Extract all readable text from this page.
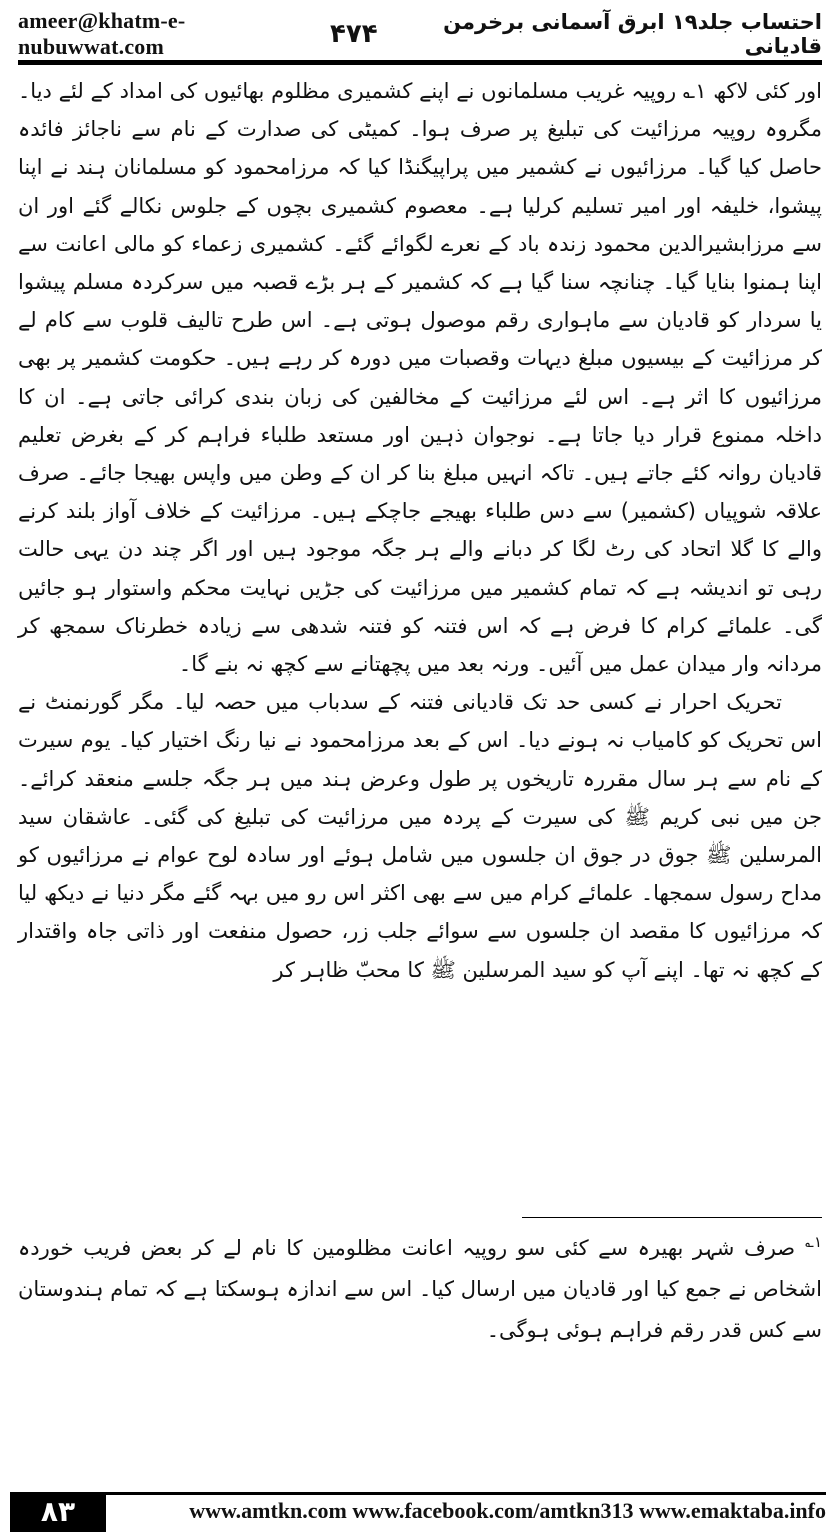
ameer@khatm-e-nubuwwat.com	۴۷۴	احتساب جلد۱۹ ابرق آسمانی برخرمن قادیانی

اور کئی لاکھ ۱؎ روپیہ غریب مسلمانوں نے اپنے کشمیری مظلوم بھائیوں کی امداد کے لئے دیا۔ مگروہ روپیہ مرزائیت کی تبلیغ پر صرف ہوا۔ کمیٹی کی صدارت کے نام سے ناجائز فائدہ حاصل کیا گیا۔ مرزائیوں نے کشمیر میں پراپیگنڈا کیا کہ مرزامحمود کو مسلمانان ہند نے اپنا پیشوا، خلیفہ اور امیر تسلیم کرلیا ہے۔ معصوم کشمیری بچوں کے جلوس نکالے گئے اور ان سے مرزابشیرالدین محمود زندہ باد کے نعرے لگوائے گئے۔ کشمیری زعماء کو مالی اعانت سے اپنا ہمنوا بنایا گیا۔ چنانچہ سنا گیا ہے کہ کشمیر کے ہر بڑے قصبہ میں سرکردہ مسلم پیشوا یا سردار کو قادیان سے ماہواری رقم موصول ہوتی ہے۔ اس طرح تالیف قلوب سے کام لے کر مرزائیت کے بیسیوں مبلغ دیہات وقصبات میں دورہ کر رہے ہیں۔ حکومت کشمیر پر بھی مرزائیوں کا اثر ہے۔ اس لئے مرزائیت کے مخالفین کی زبان بندی کرائی جاتی ہے۔ ان کا داخلہ ممنوع قرار دیا جاتا ہے۔ نوجوان ذہین اور مستعد طلباء فراہم کر کے بغرض تعلیم قادیان روانہ کئے جاتے ہیں۔ تاکہ انہیں مبلغ بنا کر ان کے وطن میں واپس بھیجا جائے۔ صرف علاقہ شوپیاں (کشمیر) سے دس طلباء بھیجے جاچکے ہیں۔ مرزائیت کے خلاف آواز بلند کرنے والے کا گلا اتحاد کی رٹ لگا کر دبانے والے ہر جگہ موجود ہیں اور اگر چند دن یہی حالت رہی تو اندیشہ ہے کہ تمام کشمیر میں مرزائیت کی جڑیں نہایت محکم واستوار ہو جائیں گی۔ علمائے کرام کا فرض ہے کہ اس فتنہ کو فتنہ شدھی سے زیادہ خطرناک سمجھ کر مردانہ وار میدان عمل میں آئیں۔ ورنہ بعد میں پچھتانے سے کچھ نہ بنے گا۔

تحریک احرار نے کسی حد تک قادیانی فتنہ کے سدباب میں حصہ لیا۔ مگر گورنمنٹ نے اس تحریک کو کامیاب نہ ہونے دیا۔ اس کے بعد مرزامحمود نے نیا رنگ اختیار کیا۔ یوم سیرت کے نام سے ہر سال مقررہ تاریخوں پر طول وعرض ہند میں ہر جگہ جلسے منعقد کرائے۔ جن میں نبی کریم ﷺ کی سیرت کے پردہ میں مرزائیت کی تبلیغ کی گئی۔ عاشقان سید المرسلین ﷺ جوق در جوق ان جلسوں میں شامل ہوئے اور سادہ لوح عوام نے مرزائیوں کو مداح رسول سمجھا۔ علمائے کرام میں سے بھی اکثر اس رو میں بہہ گئے مگر دنیا نے دیکھ لیا کہ مرزائیوں کا مقصد ان جلسوں سے سوائے جلب زر، حصول منفعت اور ذاتی جاہ واقتدار کے کچھ نہ تھا۔ اپنے آپ کو سید المرسلین ﷺ کا محبّ ظاہر کر

$^{۱؎}$صرف شہر بھیرہ سے کئی سو روپیہ اعانت مظلومین کا نام لے کر بعض فریب خوردہ اشخاص نے جمع کیا اور قادیان میں ارسال کیا۔ اس سے اندازہ ہوسکتا ہے کہ تمام ہندوستان سے کس قدر رقم فراہم ہوئی ہوگی۔

۸۳	www.amtkn.com www.facebook.com/amtkn313 www.emaktaba.info
